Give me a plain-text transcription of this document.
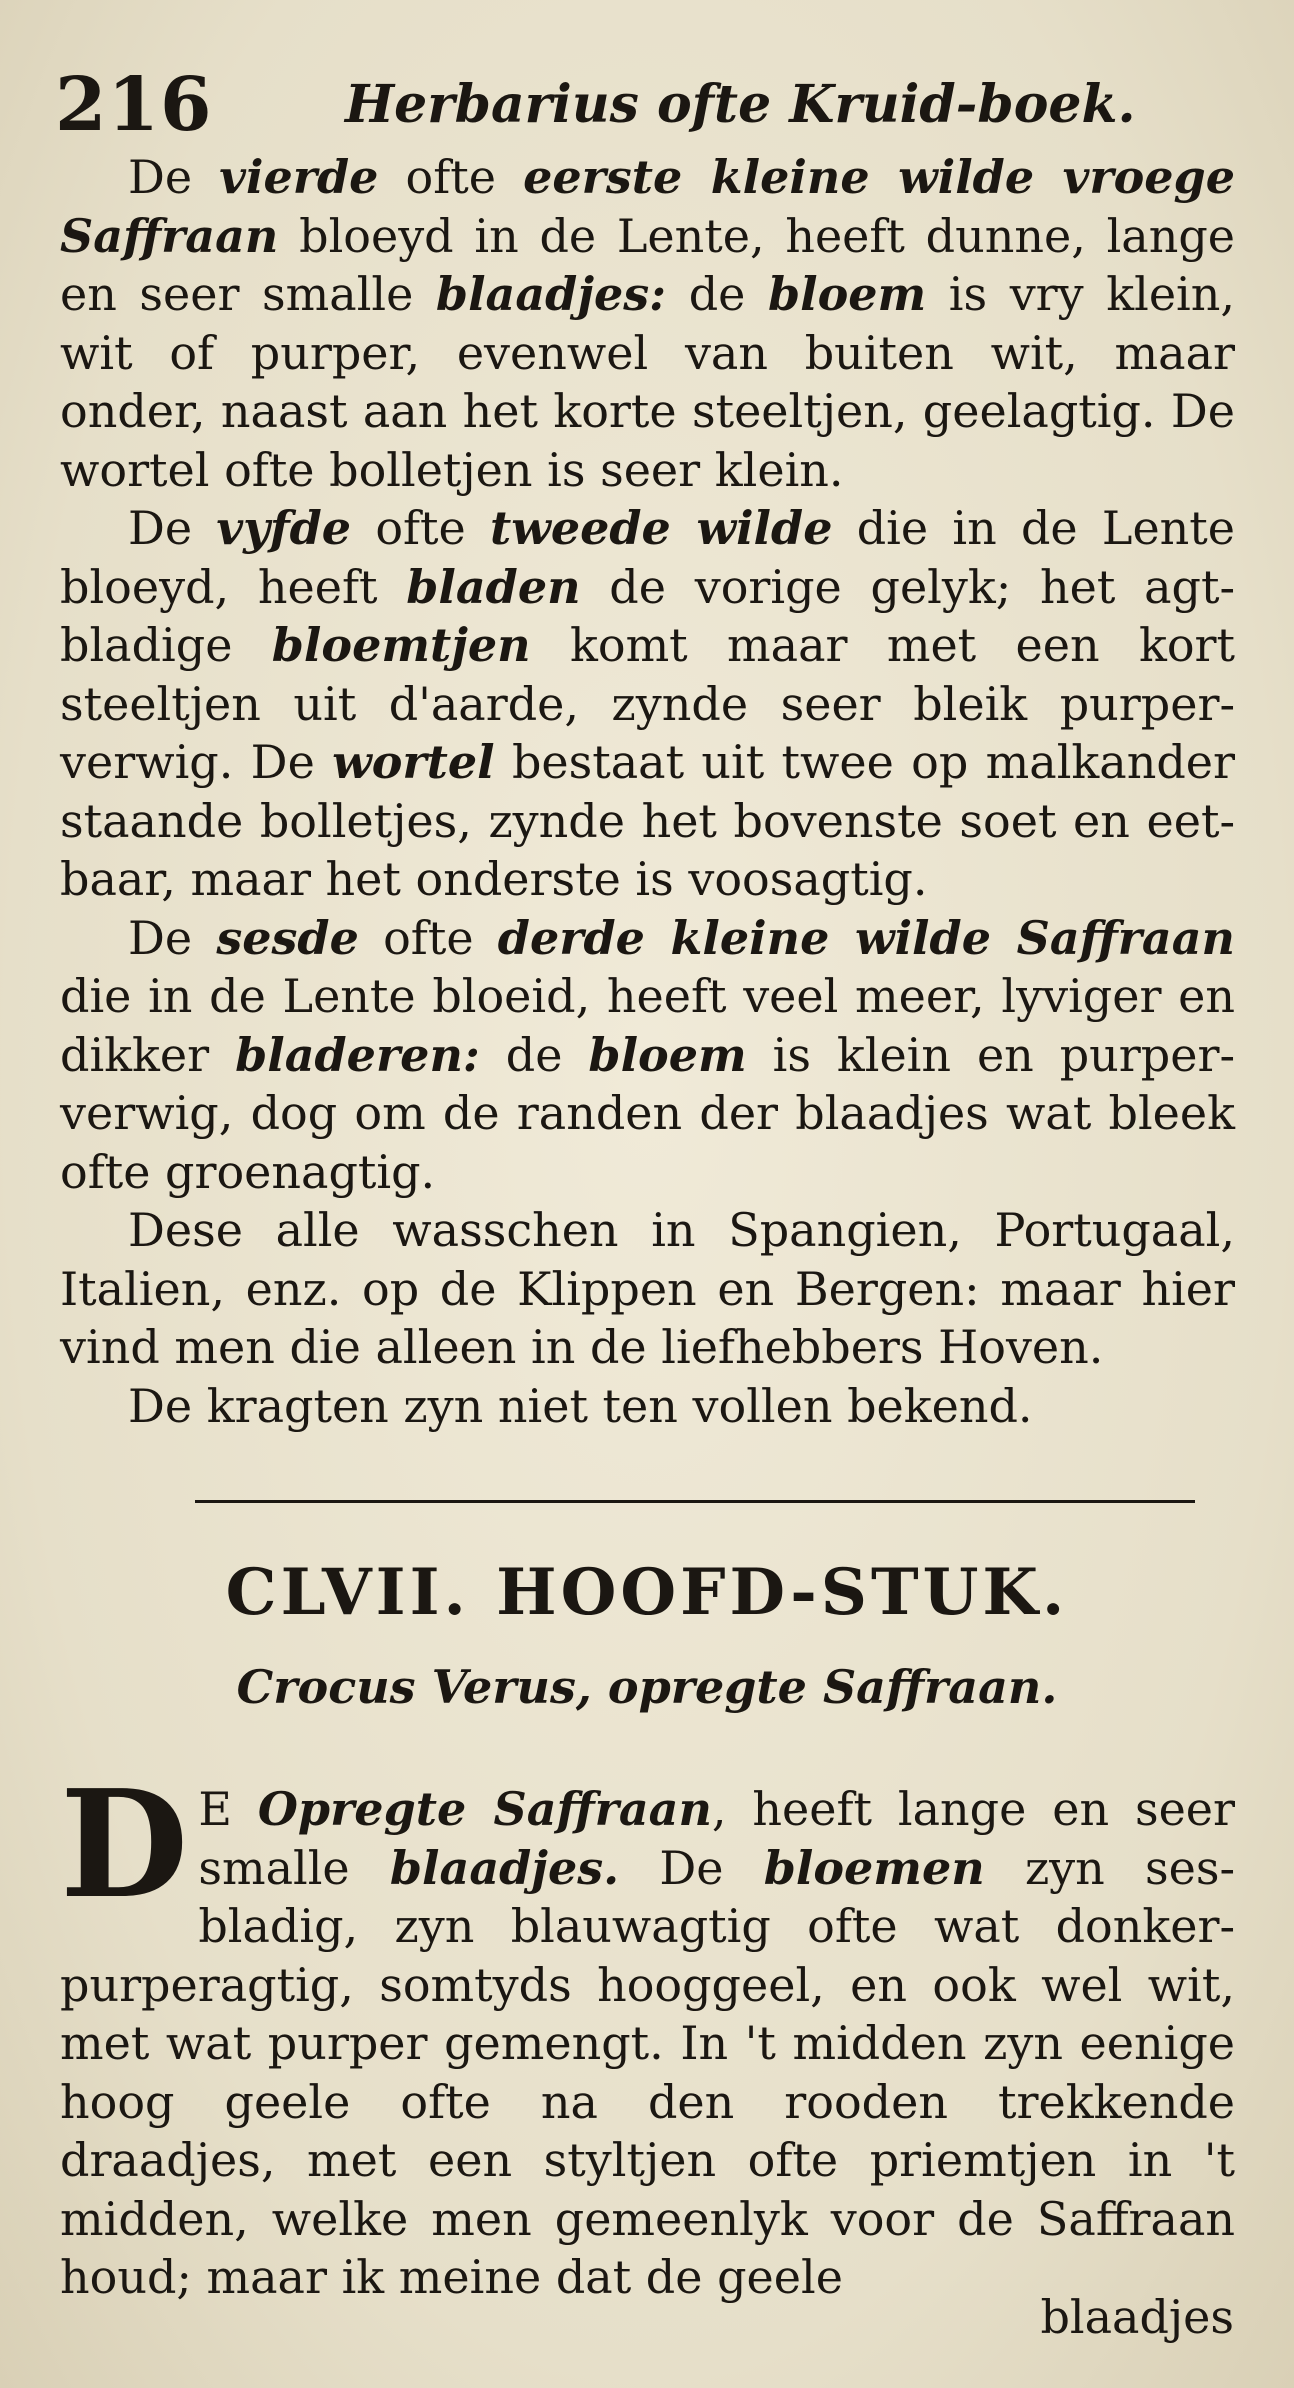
216	Herbarius ofte Kruid-boek.

De vierde ofte eerste kleine wilde vroege Saffraan bloeyd in de Lente, heeft dunne, lange en seer smalle blaadjes: de bloem is vry klein, wit of purper, evenwel van buiten wit, maar onder, naast aan het korte steeltjen, geelagtig. De wortel ofte bolletjen is seer klein.

De vyfde ofte tweede wilde die in de Lente bloeyd, heeft bladen de vorige gelyk; het agt-bladige bloemtjen komt maar met een kort steeltjen uit d'aarde, zynde seer bleik purper-verwig. De wortel bestaat uit twee op malkander staande bolletjes, zynde het bovenste soet en eet-baar, maar het onderste is voosagtig.

De sesde ofte derde kleine wilde Saffraan die in de Lente bloeid, heeft veel meer, lyviger en dikker bladeren: de bloem is klein en purper-verwig, dog om de randen der blaadjes wat bleek ofte groenagtig.

Dese alle wasschen in Spangien, Portugaal, Italien, enz. op de Klippen en Bergen: maar hier vind men die alleen in de liefhebbers Hoven.

De kragten zyn niet ten vollen bekend.

CLVII. HOOFD-STUK.
Crocus Verus, opregte Saffraan.

D E Opregte Saffraan, heeft lange en seer smalle blaadjes. De bloemen zyn ses-bladig, zyn blauwagtig ofte wat donker-purperagtig, somtyds hooggeel, en ook wel wit, met wat purper gemengt. In 't midden zyn eenige hoog geele ofte na den rooden trekkende draadjes, met een styltjen ofte priemtjen in 't midden, welke men gemeenlyk voor de Saffraan houd; maar ik meine dat de geele

blaadjes
